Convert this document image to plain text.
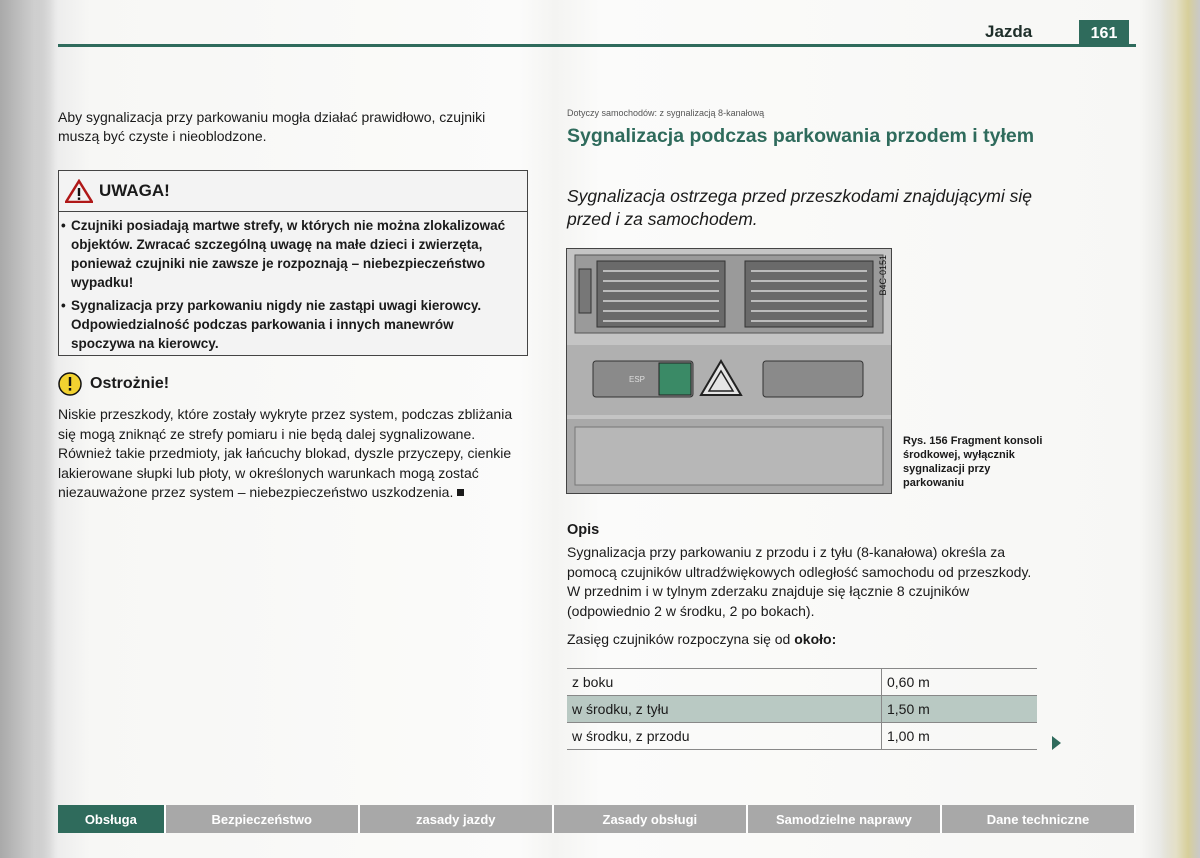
Jazda	161

Aby sygnalizacja przy parkowaniu mogła działać prawidłowo, czujniki muszą być czyste i nieoblodzone.

UWAGA!
• Czujniki posiadają martwe strefy, w których nie można zlokalizować objektów. Zwracać szczególną uwagę na małe dzieci i zwierzęta, ponieważ czujniki nie zawsze je rozpoznają – niebezpieczeństwo wypadku!
• Sygnalizacja przy parkowaniu nigdy nie zastąpi uwagi kierowcy. Odpowiedzialność podczas parkowania i innych manewrów spoczywa na kierowcy.
Ostrożnie!
Niskie przeszkody, które zostały wykryte przez system, podczas zbliżania się mogą zniknąć ze strefy pomiaru i nie będą dalej sygnalizowane. Również takie przedmioty, jak łańcuchy blokad, dyszle przyczepy, cienkie lakierowane słupki lub płoty, w określonych warunkach mogą zostać niezauważone przez system – niebezpieczeństwo uszkodzenia.
Dotyczy samochodów: z sygnalizacją 8-kanałową
Sygnalizacja podczas parkowania przodem i tyłem
Sygnalizacja ostrzega przed przeszkodami znajdującymi się przed i za samochodem.
ESP
B4C-0151
Rys. 156 Fragment konsoli środkowej, wyłącznik sygnalizacji przy parkowaniu
Opis

Sygnalizacja przy parkowaniu z przodu i z tyłu (8-kanałowa) określa za pomocą czujników ultradźwiękowych odległość samochodu od przeszkody. W przednim i w tylnym zderzaku znajduje się łącznie 8 czujników (odpowiednio 2 w środku, 2 po bokach).

Zasięg czujników rozpoczyna się od około:
z boku	0,60 m
w środku, z tyłu	1,50 m
w środku, z przodu	1,00 m
Obsługa	Bezpieczeństwo	zasady jazdy	Zasady obsługi	Samodzielne naprawy	Dane techniczne
